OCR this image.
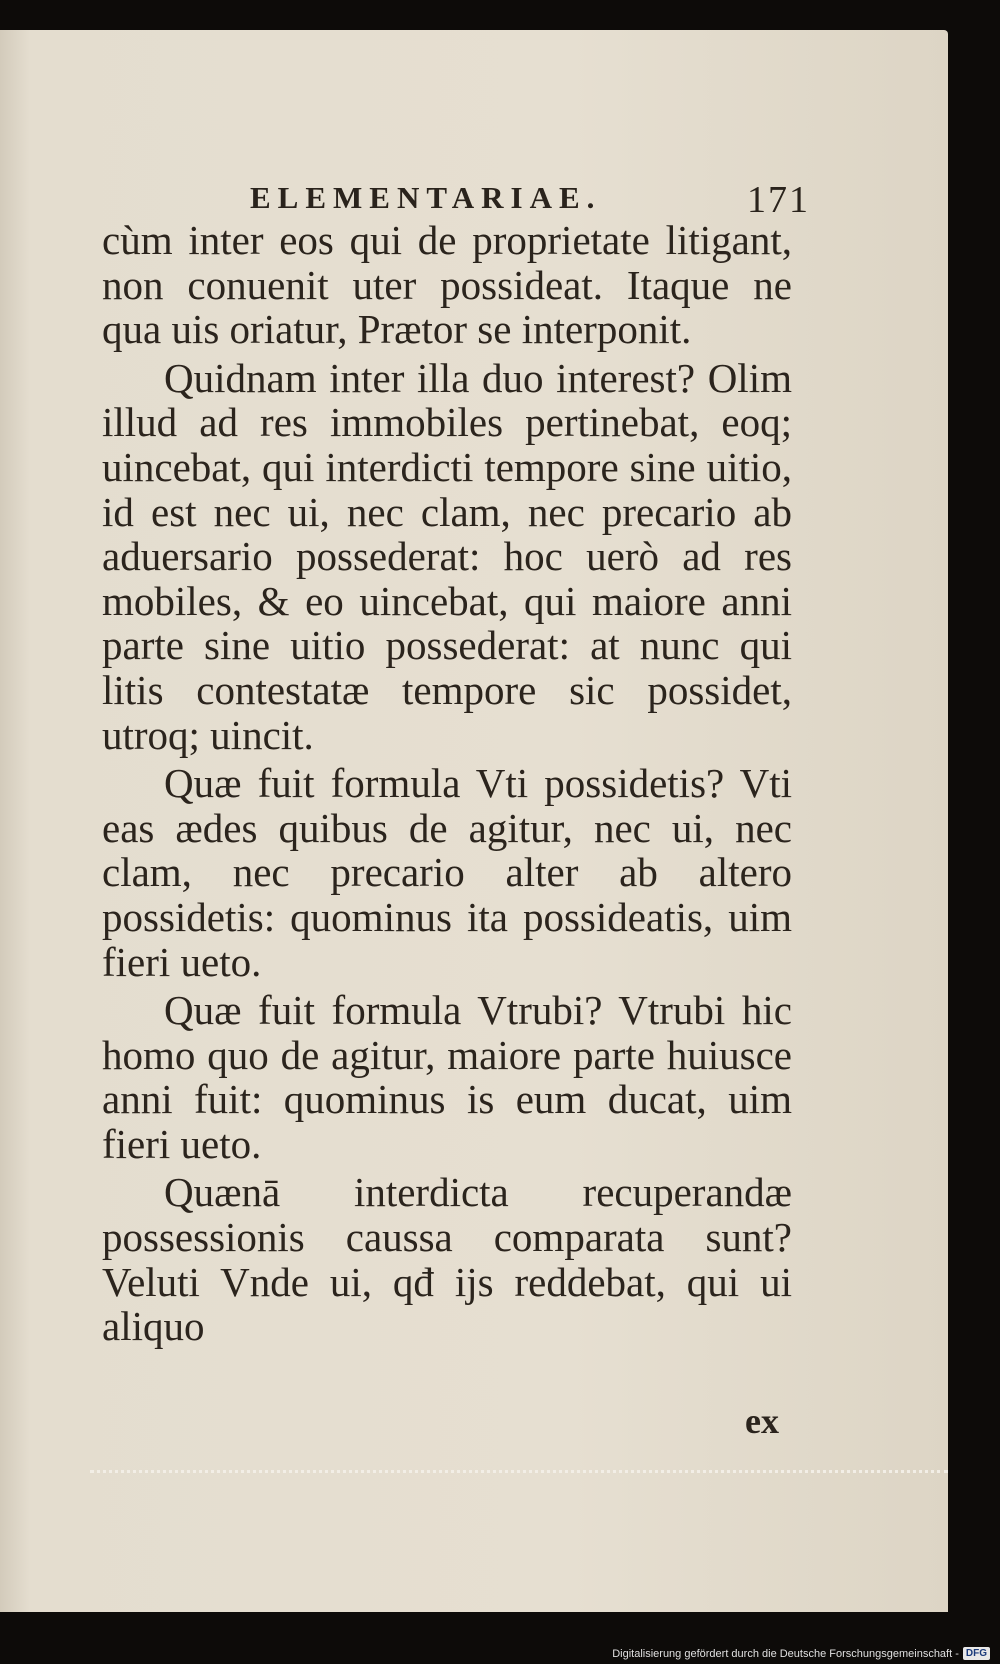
ELEMENTARIAE.	171

cùm inter eos qui de proprietate litigant, non conuenit uter possideat. Itaque ne qua uis oriatur, Prætor se interponit.

Quidnam inter illa duo interest? Olim illud ad res immobiles pertinebat, eoq; uincebat, qui interdicti tempore sine uitio, id est nec ui, nec clam, nec precario ab aduersario possederat: hoc uerò ad res mobiles, & eo uincebat, qui maiore anni parte sine uitio possederat: at nunc qui litis contestatæ tempore sic possidet, utroq; uincit.

Quæ fuit formula Vti possidetis? Vti eas ædes quibus de agitur, nec ui, nec clam, nec precario alter ab altero possidetis: quominus ita possideatis, uim fieri ueto.

Quæ fuit formula Vtrubi? Vtrubi hic homo quo de agitur, maiore parte huiusce anni fuit: quominus is eum ducat, uim fieri ueto.

Quænā interdicta recuperandæ possessionis caussa comparata sunt? Veluti Vnde ui, qđ ijs reddebat, qui ui aliquo

ex
Digitalisierung gefördert durch die Deutsche Forschungsgemeinschaft - DFG
